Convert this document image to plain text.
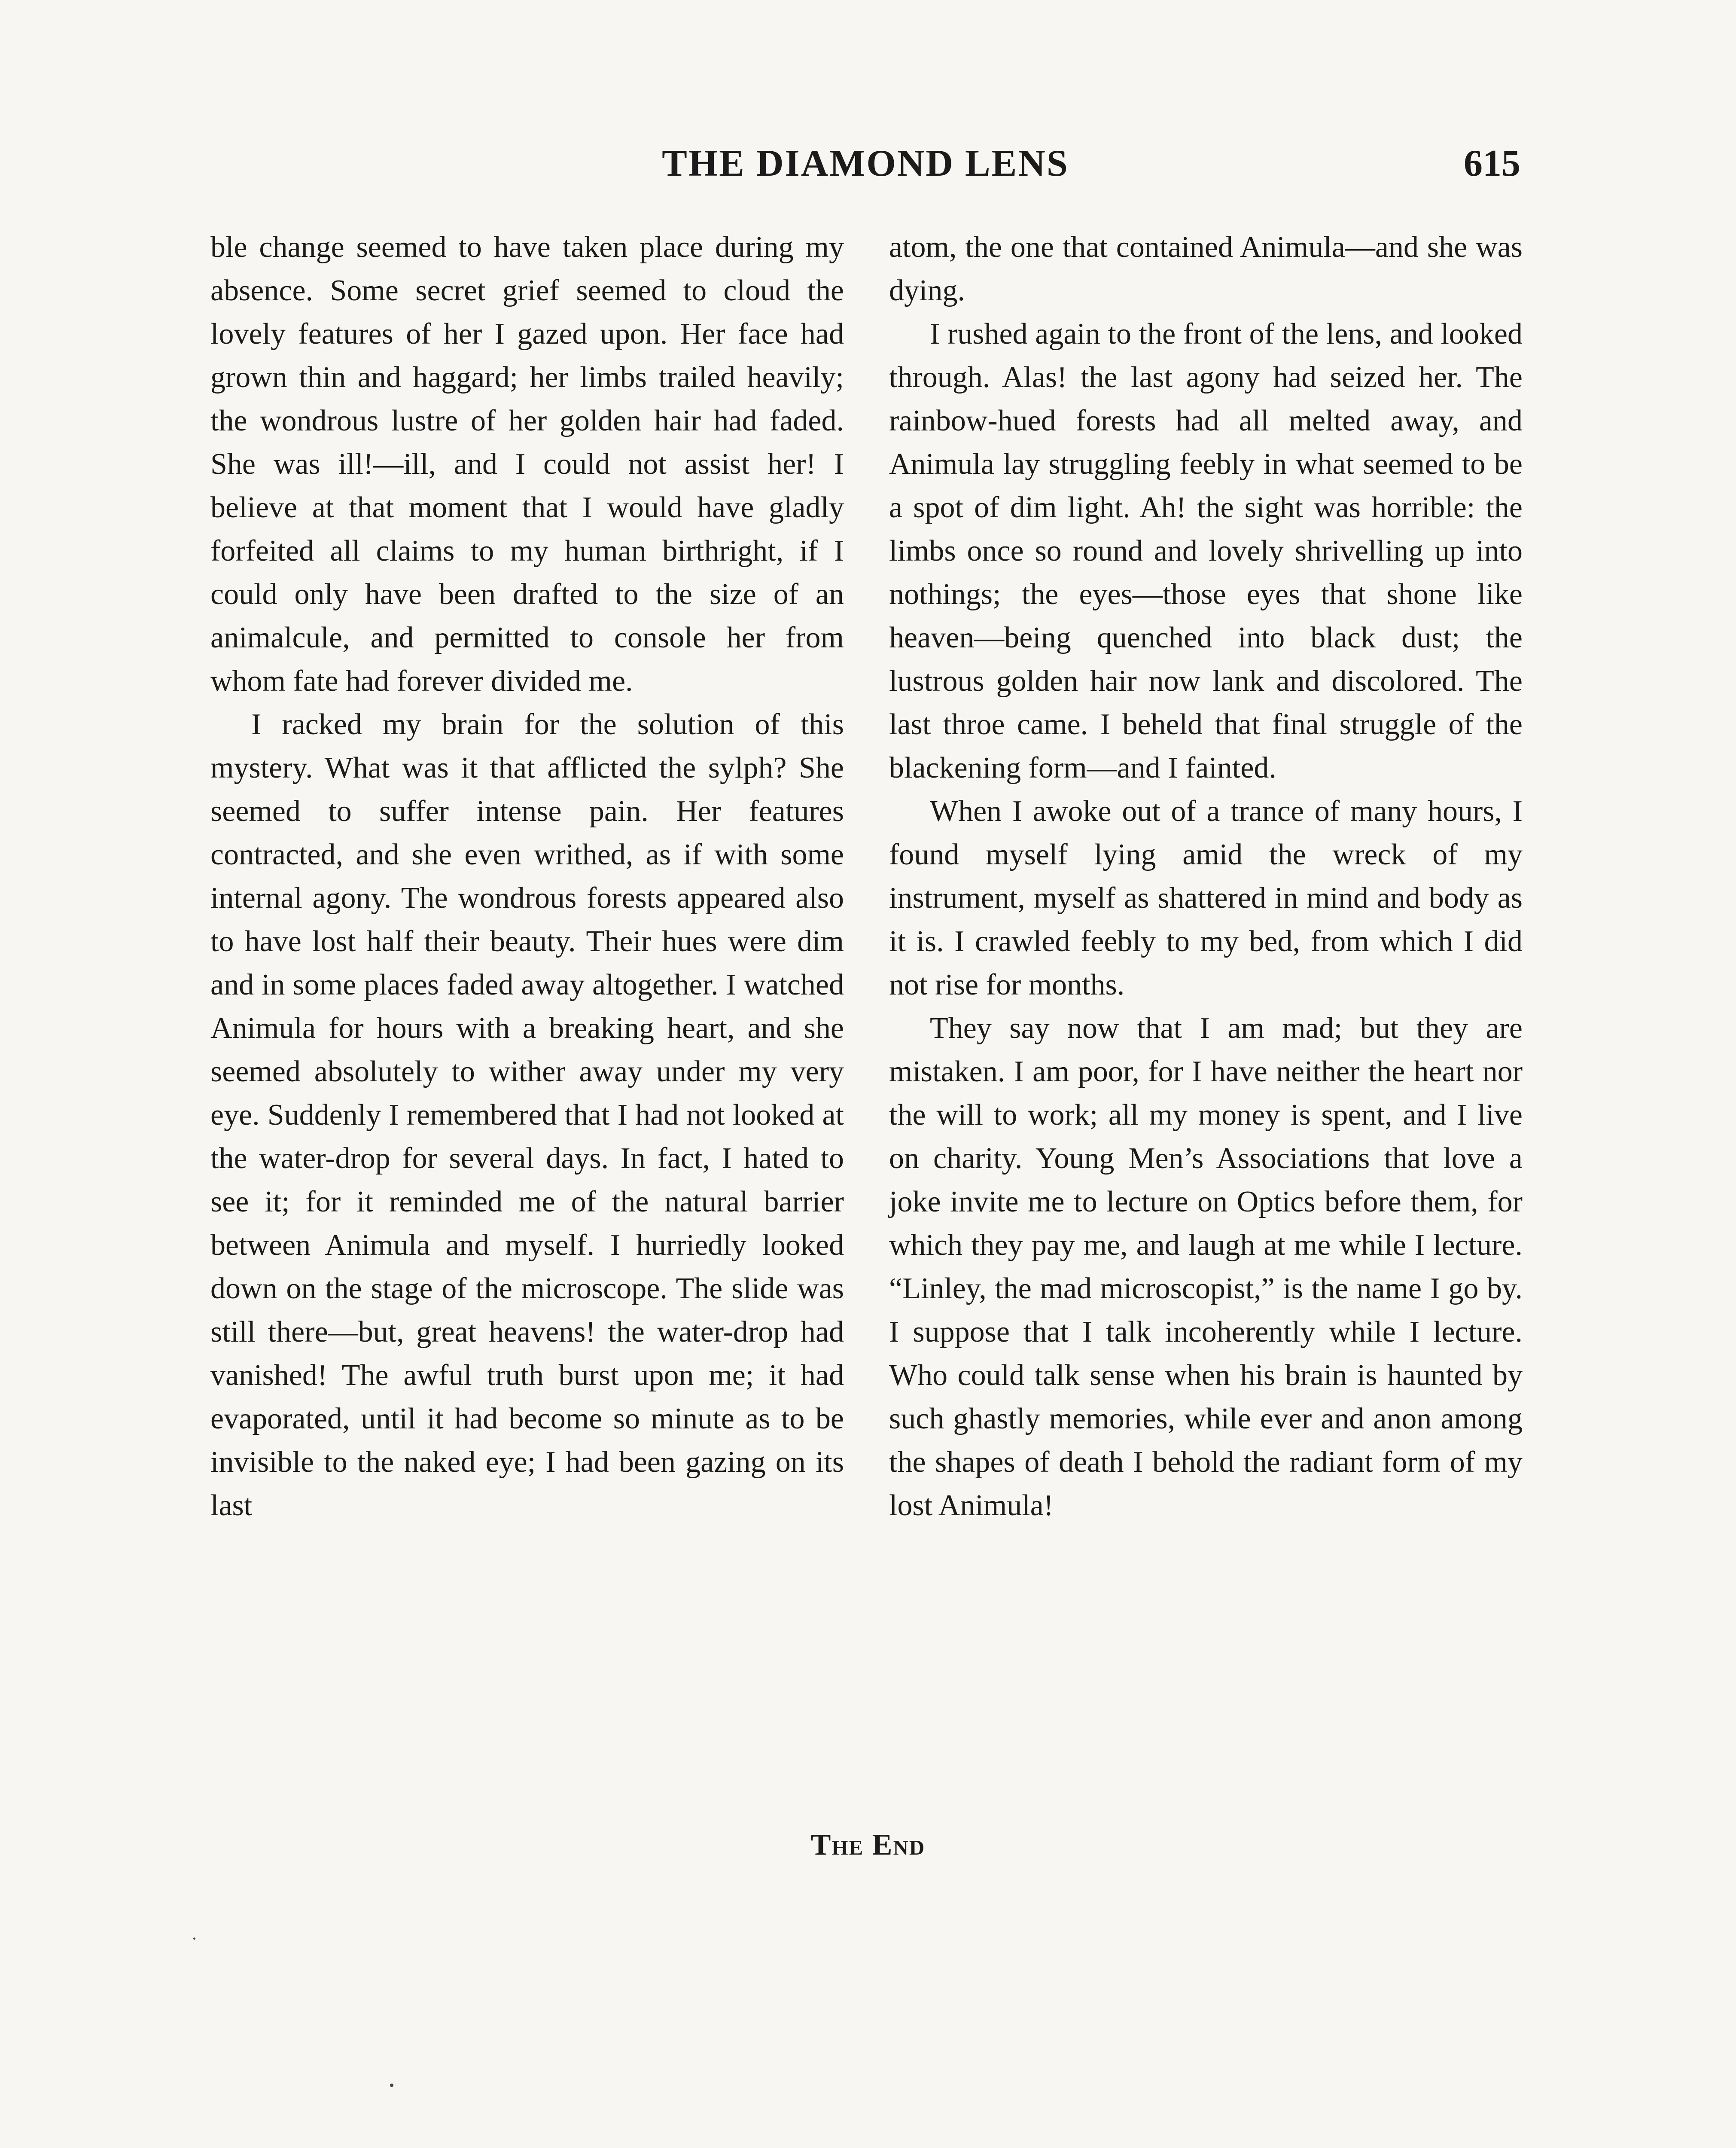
THE DIAMOND LENS	615

ble change seemed to have taken place during my absence. Some secret grief seemed to cloud the lovely features of her I gazed upon. Her face had grown thin and haggard; her limbs trailed heavily; the wondrous lustre of her golden hair had faded. She was ill!—ill, and I could not assist her! I believe at that moment that I would have gladly forfeited all claims to my human birthright, if I could only have been drafted to the size of an animalcule, and permitted to console her from whom fate had forever divided me.

I racked my brain for the solution of this mystery. What was it that afflicted the sylph? She seemed to suffer intense pain. Her features contracted, and she even writhed, as if with some internal agony. The wondrous forests appeared also to have lost half their beauty. Their hues were dim and in some places faded away altogether. I watched Animula for hours with a breaking heart, and she seemed absolutely to wither away under my very eye. Suddenly I remembered that I had not looked at the water-drop for several days. In fact, I hated to see it; for it reminded me of the natural barrier between Animula and myself. I hurriedly looked down on the stage of the microscope. The slide was still there—but, great heavens! the water-drop had vanished! The awful truth burst upon me; it had evaporated, until it had become so minute as to be invisible to the naked eye; I had been gazing on its last

atom, the one that contained Animula—and she was dying.

I rushed again to the front of the lens, and looked through. Alas! the last agony had seized her. The rainbow-hued forests had all melted away, and Animula lay struggling feebly in what seemed to be a spot of dim light. Ah! the sight was horrible: the limbs once so round and lovely shrivelling up into nothings; the eyes—those eyes that shone like heaven—being quenched into black dust; the lustrous golden hair now lank and discolored. The last throe came. I beheld that final struggle of the blackening form—and I fainted.

When I awoke out of a trance of many hours, I found myself lying amid the wreck of my instrument, myself as shattered in mind and body as it is. I crawled feebly to my bed, from which I did not rise for months.

They say now that I am mad; but they are mistaken. I am poor, for I have neither the heart nor the will to work; all my money is spent, and I live on charity. Young Men’s Associations that love a joke invite me to lecture on Optics before them, for which they pay me, and laugh at me while I lecture. “Linley, the mad microscopist,” is the name I go by. I suppose that I talk incoherently while I lecture. Who could talk sense when his brain is haunted by such ghastly memories, while ever and anon among the shapes of death I behold the radiant form of my lost Animula!

The End
